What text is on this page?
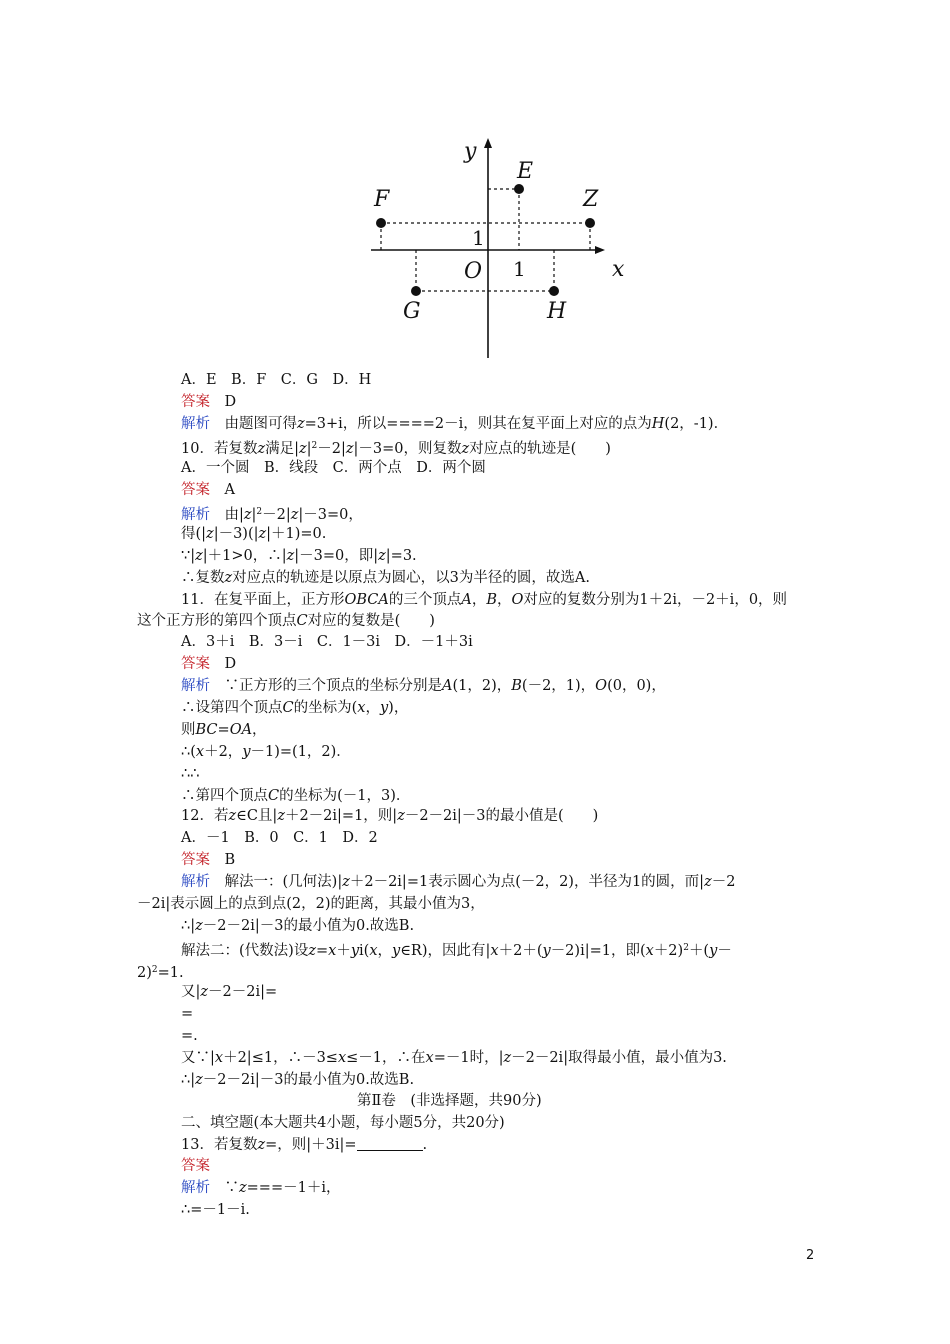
E
F	Z
G	H
y
x
O 1
1
A．E　B．F　C．G　D．H
答案　 D
解析　 由题图可得z=3+i，所以====2－i，则其在复平面上对应的点为H(2，-1)．
10．若复数z满足$|z|^2-2|z|-3=0$，则复数z对应点的轨迹是(　　)
A．一个圆　B．线段　C．两个点　D．两个圆
答案　 A
解析　 由$|z|^2-2|z|-3=0$，
得(|z|－3)(|z|＋1)=0.
∵|z|＋1>0，∴|z|－3=0，即|z|=3.
∴复数z对应点的轨迹是以原点为圆心，以3为半径的圆，故选A.
11．在复平面上，正方形OBCA的三个顶点A，B，O对应的复数分别为1＋2i，－2＋i，0，则
这个正方形的第四个顶点C对应的复数是(　　)
A．3＋i　B．3－i　C．1－3i　D．－1＋3i
答案　 D
解析　 ∵正方形的三个顶点的坐标分别是A(1，2)，B(－2，1)，O(0，0)，
∴设第四个顶点C的坐标为(x，y)，
则BC=OA，
∴(x＋2，y－1)=(1，2)．
∴∴
∴第四个顶点C的坐标为(－1，3)．
12．若z∈C且|z＋2－2i|=1，则|z－2－2i|－3的最小值是(　　)
A．－1　B．0　C．1　D．2
答案　 B
解析　 解法一：(几何法)|z＋2－2i|=1表示圆心为点(－2，2)，半径为1的圆，而|z－2
－2i|表示圆上的点到点(2，2)的距离，其最小值为3，
∴|z－2－2i|－3的最小值为0.故选B.
解法二：(代数法)设z=x＋yi(x，y∈R)，因此有|x＋2＋(y－2)i|=1，即$(x+2)^2+(y-$
2)$^2$=1.
又|z－2－2i|=
=
=.
又∵|x＋2|≤1，∴－3≤x≤－1，∴在x=－1时，|z－2－2i|取得最小值，最小值为3.
∴|z－2－2i|－3的最小值为0.故选B.
第Ⅱ卷　(非选择题，共90分)
二、填空题(本大题共4小题，每小题5分，共20分)
13．若复数z=，则|＋3i|=	.
答案
解析　 ∵z===－1＋i，
∴=－1－i.
2
